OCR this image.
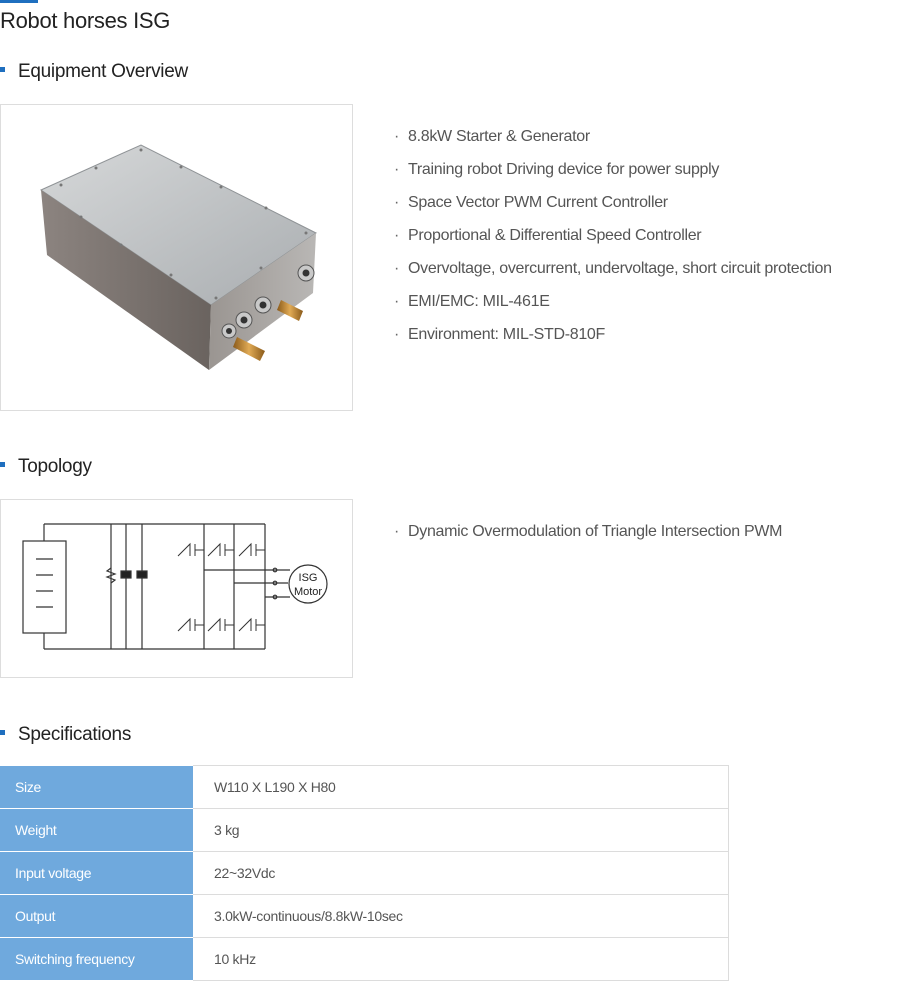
Robot horses ISG
Equipment Overview
· 8.8kW Starter & Generator
· Training robot Driving device for power supply
· Space Vector PWM Current Controller
· Proportional & Differential Speed Controller
· Overvoltage, overcurrent, undervoltage, short circuit protection
· EMI/EMC: MIL-461E
· Environment: MIL-STD-810F
Topology
ISG
Motor
· Dynamic Overmodulation of Triangle Intersection PWM
Specifications
Size	W110 X L190 X H80
Weight	3 kg
Input voltage	22~32Vdc
Output	3.0kW-continuous/8.8kW-10sec
Switching frequency	10 kHz
